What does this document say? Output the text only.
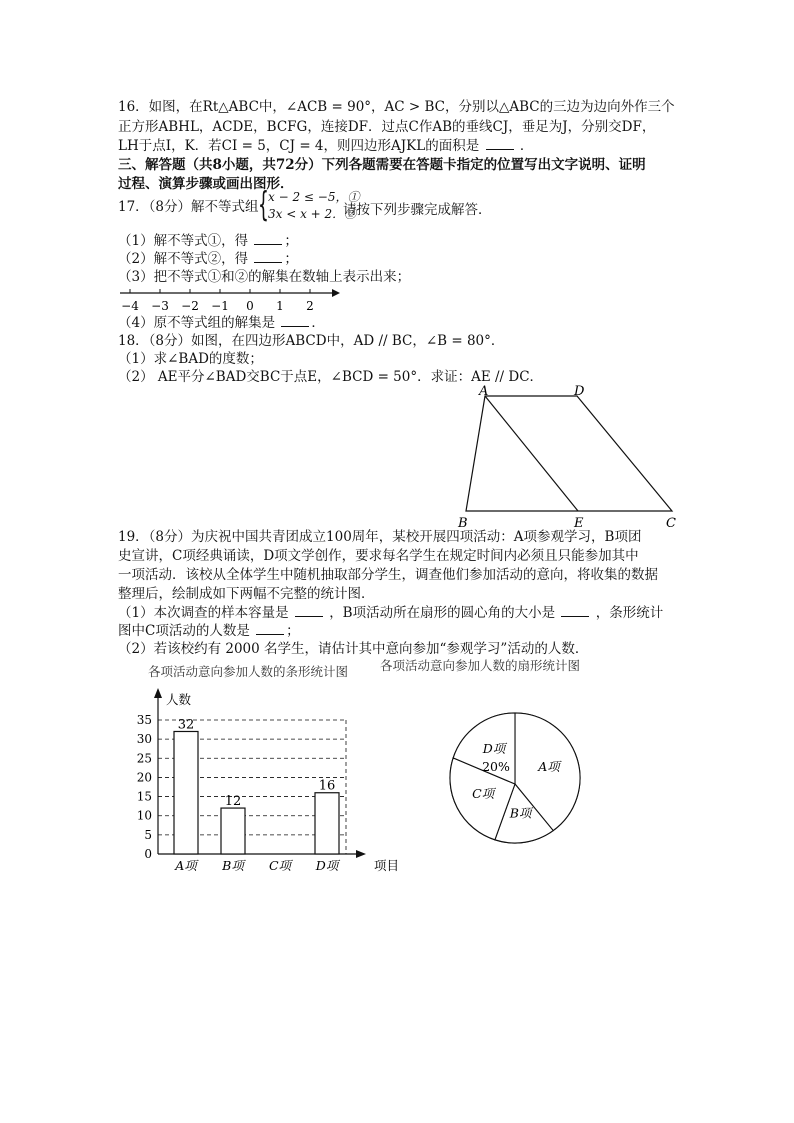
16．如图，在Rt△ABC中，∠ACB = 90°，AC > BC，分别以△ABC的三边为边向外作三个
正方形ABHL，ACDE，BCFG，连接DF．过点C作AB的垂线CJ，垂足为J，分别交DF，
LH于点I，K．若CI = 5，CJ = 4，则四边形AJKL的面积是	．
三、解答题（共8小题，共72分）下列各题需要在答题卡指定的位置写出文字说明、证明
过程、演算步骤或画出图形．
17．（8分）解不等式组 { x − 2 ≤ −5，①
3x < x + 2．②
请按下列步骤完成解答．
（1）解不等式①，得	；
（2）解不等式②，得	；
（3）把不等式①和②的解集在数轴上表示出来；
−4 −3 −2 −1 0 1 2
（4）原不等式组的解集是	．
18．（8分）如图，在四边形ABCD中，AD // BC，∠B = 80°．
（1）求∠BAD的度数；
（2） AE平分∠BAD交BC于点E，∠BCD = 50°．求证：AE // DC．
A	D
B	E	C
19．（8分）为庆祝中国共青团成立100周年，某校开展四项活动：A项参观学习，B项团
史宣讲，C项经典诵读，D项文学创作，要求每名学生在规定时间内必须且只能参加其中
一项活动．该校从全体学生中随机抽取部分学生，调查他们参加活动的意向，将收集的数据
整理后，绘制成如下两幅不完整的统计图．
（1）本次调查的样本容量是	，B项活动所在扇形的圆心角的大小是	，条形统计
图中C项活动的人数是	；
（2）若该校约有 2000 名学生，请估计其中意向参加“参观学习”活动的人数．
各项活动意向参加人数的条形统计图	各项活动意向参加人数的扇形统计图
人数
项目
0
5
10
15
20
25
30
35 32
A项
12
B项 C项
16
D项
A项
B项
C项
D项
20%
